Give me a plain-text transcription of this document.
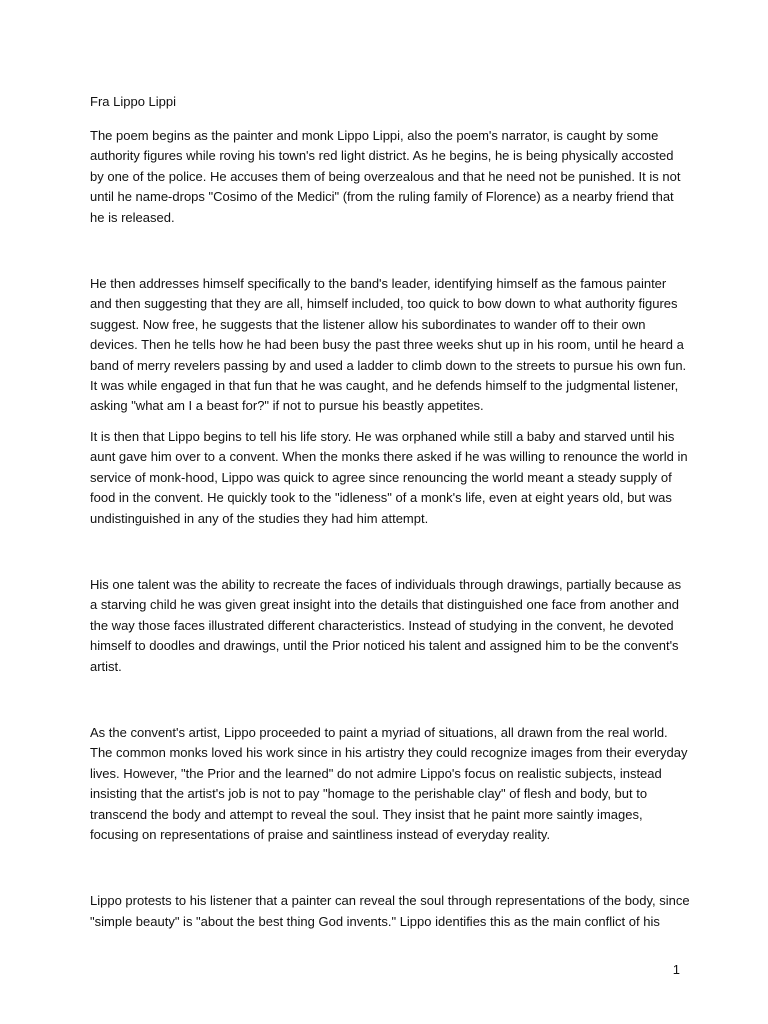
Fra Lippo Lippi

The poem begins as the painter and monk Lippo Lippi, also the poem's narrator, is caught by some authority figures while roving his town's red light district. As he begins, he is being physically accosted by one of the police. He accuses them of being overzealous and that he need not be punished. It is not until he name-drops "Cosimo of the Medici" (from the ruling family of Florence) as a nearby friend that he is released.

He then addresses himself specifically to the band's leader, identifying himself as the famous painter and then suggesting that they are all, himself included, too quick to bow down to what authority figures suggest. Now free, he suggests that the listener allow his subordinates to wander off to their own devices. Then he tells how he had been busy the past three weeks shut up in his room, until he heard a band of merry revelers passing by and used a ladder to climb down to the streets to pursue his own fun. It was while engaged in that fun that he was caught, and he defends himself to the judgmental listener, asking "what am I a beast for?" if not to pursue his beastly appetites.

It is then that Lippo begins to tell his life story. He was orphaned while still a baby and starved until his aunt gave him over to a convent. When the monks there asked if he was willing to renounce the world in service of monk-hood, Lippo was quick to agree since renouncing the world meant a steady supply of food in the convent. He quickly took to the "idleness" of a monk's life, even at eight years old, but was undistinguished in any of the studies they had him attempt.

His one talent was the ability to recreate the faces of individuals through drawings, partially because as a starving child he was given great insight into the details that distinguished one face from another and the way those faces illustrated different characteristics. Instead of studying in the convent, he devoted himself to doodles and drawings, until the Prior noticed his talent and assigned him to be the convent's artist.

As the convent's artist, Lippo proceeded to paint a myriad of situations, all drawn from the real world. The common monks loved his work since in his artistry they could recognize images from their everyday lives. However, "the Prior and the learned" do not admire Lippo's focus on realistic subjects, instead insisting that the artist's job is not to pay "homage to the perishable clay" of flesh and body, but to transcend the body and attempt to reveal the soul. They insist that he paint more saintly images, focusing on representations of praise and saintliness instead of everyday reality.

Lippo protests to his listener that a painter can reveal the soul through representations of the body, since "simple beauty" is "about the best thing God invents." Lippo identifies this as the main conflict of his

1
